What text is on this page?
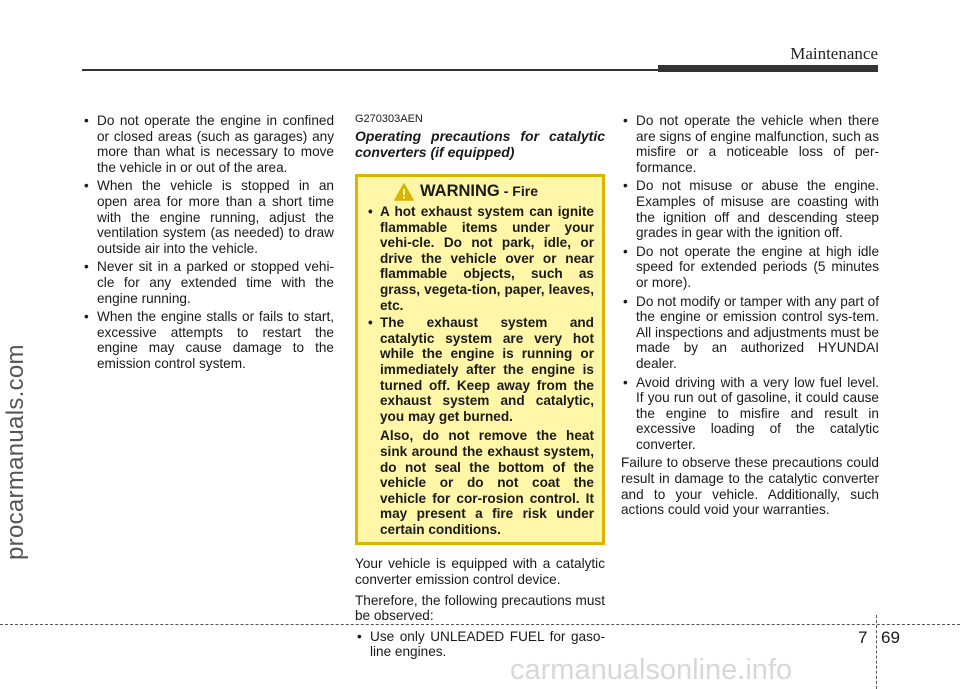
Maintenance
procarmanuals.com
• Do not operate the engine in confined or closed areas (such as garages) any more than what is necessary to move the vehicle in or out of the area.
• When the vehicle is stopped in an open area for more than a short time with the engine running, adjust the ventilation system (as needed) to draw outside air into the vehicle.
• Never sit in a parked or stopped vehi-cle for any extended time with the engine running.
• When the engine stalls or fails to start, excessive attempts to restart the engine may cause damage to the emission control system.
G270303AEN
Operating precautions for catalytic converters (if equipped)
WARNING - Fire
• A hot exhaust system can ignite flammable items under your vehi-cle. Do not park, idle, or drive the vehicle over or near flammable objects, such as grass, vegeta-tion, paper, leaves, etc.
• The exhaust system and catalytic system are very hot while the engine is running or immediately after the engine is turned off. Keep away from the exhaust system and catalytic, you may get burned.
Also, do not remove the heat sink around the exhaust system, do not seal the bottom of the vehicle or do not coat the vehicle for cor-rosion control. It may present a fire risk under certain conditions.
Your vehicle is equipped with a catalytic converter emission control device.
Therefore, the following precautions must be observed:
• Use only UNLEADED FUEL for gaso-line engines.
• Do not operate the vehicle when there are signs of engine malfunction, such as misfire or a noticeable loss of per-formance.
• Do not misuse or abuse the engine. Examples of misuse are coasting with the ignition off and descending steep grades in gear with the ignition off.
• Do not operate the engine at high idle speed for extended periods (5 minutes or more).
• Do not modify or tamper with any part of the engine or emission control sys-tem. All inspections and adjustments must be made by an authorized HYUNDAI dealer.
• Avoid driving with a very low fuel level. If you run out of gasoline, it could cause the engine to misfire and result in excessive loading of the catalytic converter.
Failure to observe these precautions could result in damage to the catalytic converter and to your vehicle. Additionally, such actions could void your warranties.
7 69
carmanualsonline.info
